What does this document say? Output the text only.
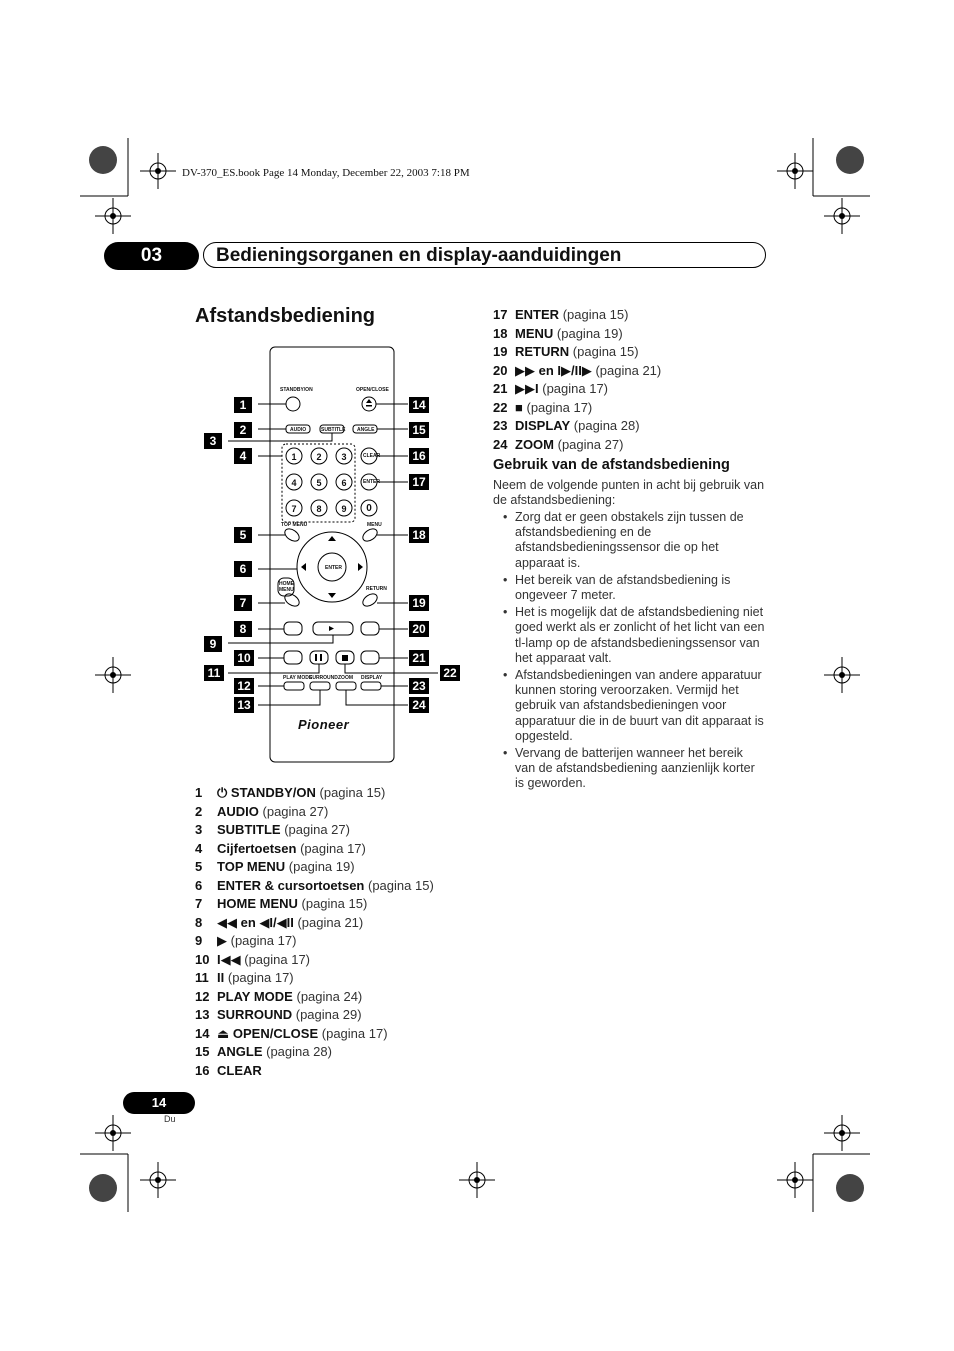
DV-370_ES.book Page 14 Monday, December 22, 2003 7:18 PM
03	Bedieningsorganen en display-aanduidingen
Afstandsbediening
STANDBY/ON	OPEN/CLOSE
AUDIO	SUBTITLE ANGLE
CLEAR
ENTER
TOP MENU	MENU
ENTER
HOME MENU	RETURN
PLAY MODE
SURROUND ZOOM DISPLAY
Pioneer
1 2 3
4 5 6
7 8 9 0
1
2
3
4
5
6
7
8
9
10
11
12
13
14
15
16
17
18
19
20
21
22
23
24
1 ⏻ STANDBY/ON (pagina 15)
2 AUDIO (pagina 27)
3 SUBTITLE (pagina 27)
4 Cijfertoetsen (pagina 17)
5 TOP MENU (pagina 19)
6 ENTER & cursortoetsen (pagina 15)
7 HOME MENU (pagina 15)
8 ◀◀ en ◀I/◀II (pagina 21)
9 ▶ (pagina 17)
10 I◀◀ (pagina 17)
11 II (pagina 17)
12 PLAY MODE (pagina 24)
13 SURROUND (pagina 29)
14 ⏏ OPEN/CLOSE (pagina 17)
15 ANGLE (pagina 28)
16 CLEAR
17 ENTER (pagina 15)
18 MENU (pagina 19)
19 RETURN (pagina 15)
20 ▶▶ en I▶/II▶ (pagina 21)
21 ▶▶I (pagina 17)
22 ■ (pagina 17)
23 DISPLAY (pagina 28)
24 ZOOM (pagina 27)
Gebruik van de afstandsbediening

Neem de volgende punten in acht bij gebruik van de afstandsbediening:

• Zorg dat er geen obstakels zijn tussen de afstandsbediening en de afstandsbedieningssensor die op het apparaat is.
• Het bereik van de afstandsbediening is ongeveer 7 meter.
• Het is mogelijk dat de afstandsbediening niet goed werkt als er zonlicht of het licht van een tl-lamp op de afstandsbedieningssensor van het apparaat valt.
• Afstandsbedieningen van andere apparatuur kunnen storing veroorzaken. Vermijd het gebruik van afstandsbedieningen voor apparatuur die in de buurt van dit apparaat is opgesteld.
• Vervang de batterijen wanneer het bereik van de afstandsbediening aanzienlijk korter is geworden.
14
Du
